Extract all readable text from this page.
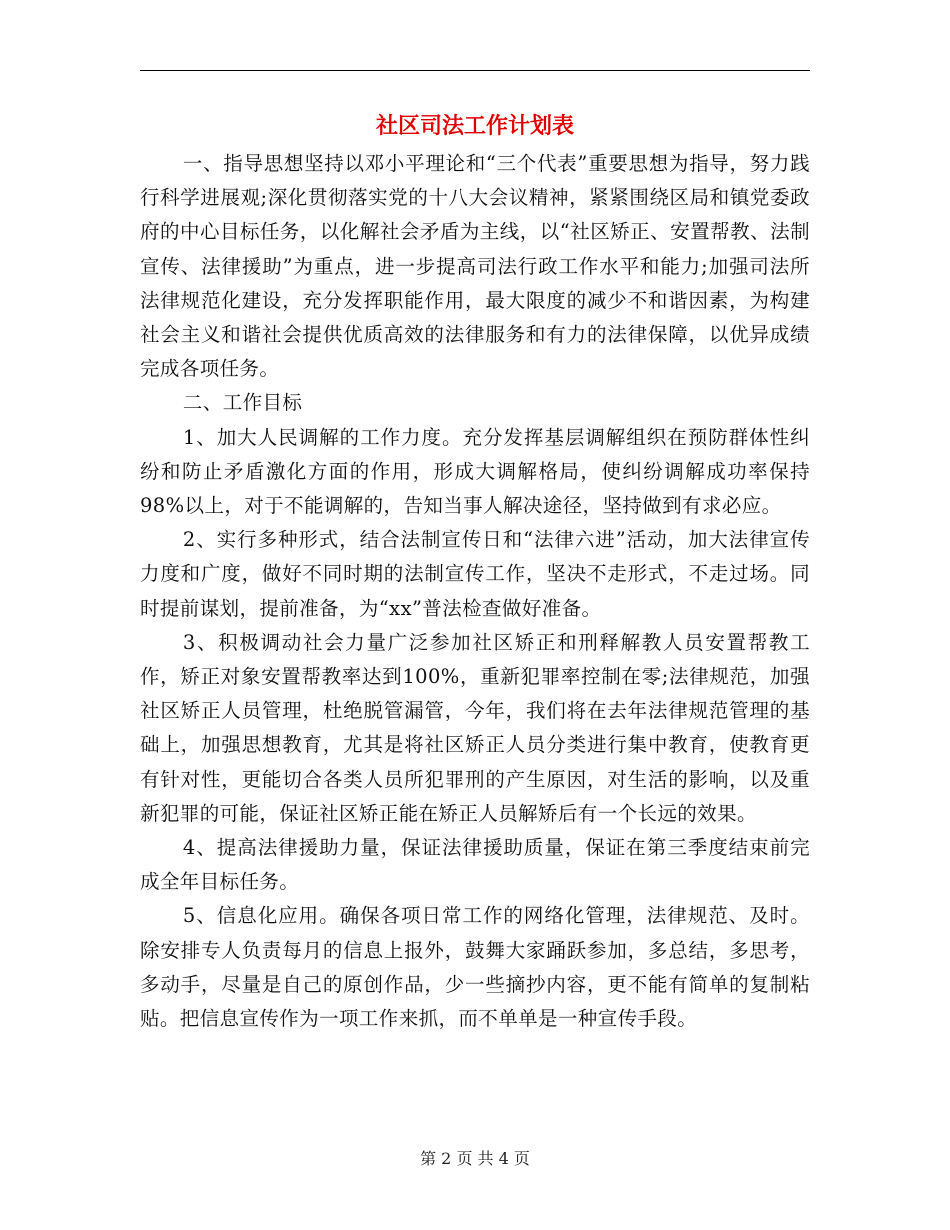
社区司法工作计划表

一、指导思想坚持以邓小平理论和“三个代表”重要思想为指导，努力践行科学进展观;深化贯彻落实党的十八大会议精神，紧紧围绕区局和镇党委政府的中心目标任务，以化解社会矛盾为主线，以“社区矫正、安置帮教、法制宣传、法律援助”为重点，进一步提高司法行政工作水平和能力;加强司法所法律规范化建设，充分发挥职能作用，最大限度的减少不和谐因素，为构建社会主义和谐社会提供优质高效的法律服务和有力的法律保障，以优异成绩完成各项任务。

二、工作目标

1、加大人民调解的工作力度。充分发挥基层调解组织在预防群体性纠纷和防止矛盾激化方面的作用，形成大调解格局，使纠纷调解成功率保持98%以上，对于不能调解的，告知当事人解决途径，坚持做到有求必应。

2、实行多种形式，结合法制宣传日和“法律六进”活动，加大法律宣传力度和广度，做好不同时期的法制宣传工作，坚决不走形式，不走过场。同时提前谋划，提前准备，为“xx”普法检查做好准备。

3、积极调动社会力量广泛参加社区矫正和刑释解教人员安置帮教工作，矫正对象安置帮教率达到100%，重新犯罪率控制在零;法律规范，加强社区矫正人员管理，杜绝脱管漏管，今年，我们将在去年法律规范管理的基础上，加强思想教育，尤其是将社区矫正人员分类进行集中教育，使教育更有针对性，更能切合各类人员所犯罪刑的产生原因，对生活的影响，以及重新犯罪的可能，保证社区矫正能在矫正人员解矫后有一个长远的效果。

4、提高法律援助力量，保证法律援助质量，保证在第三季度结束前完成全年目标任务。

5、信息化应用。确保各项日常工作的网络化管理，法律规范、及时。除安排专人负责每月的信息上报外，鼓舞大家踊跃参加，多总结，多思考，多动手，尽量是自己的原创作品，少一些摘抄内容，更不能有简单的复制粘贴。把信息宣传作为一项工作来抓，而不单单是一种宣传手段。

第 2 页 共 4 页
